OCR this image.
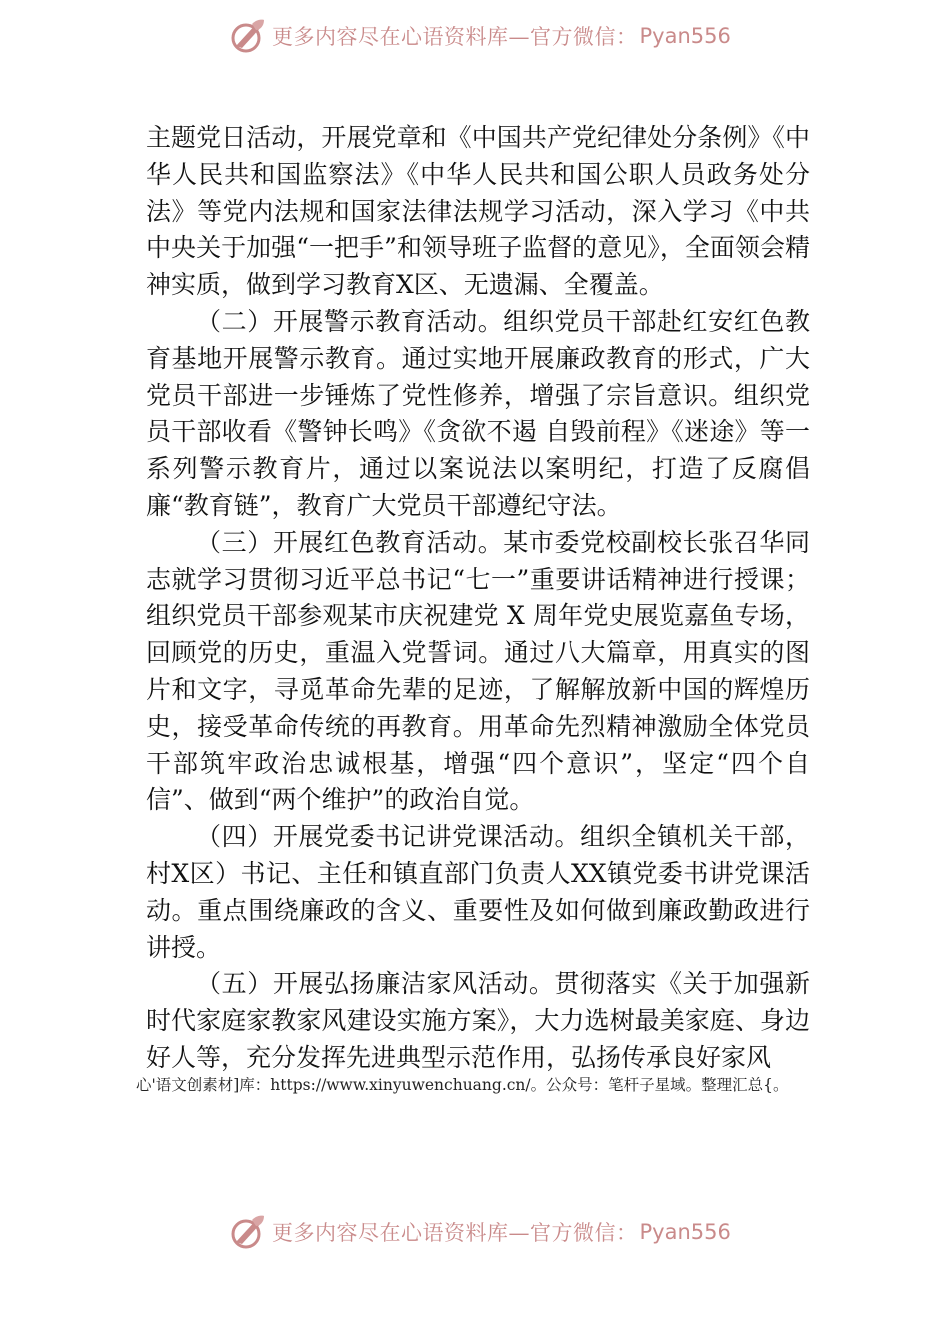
更多内容尽在心语资料库—官方微信： Pyan556

主题党日活动，开展党章和《中国共产党纪律处分条例》《中华人民共和国监察法》《中华人民共和国公职人员政务处分法》等党内法规和国家法律法规学习活动，深入学习《中共中央关于加强“一把手”和领导班子监督的意见》，全面领会精神实质，做到学习教育X区、无遗漏、全覆盖。

（二）开展警示教育活动。组织党员干部赴红安红色教育基地开展警示教育。通过实地开展廉政教育的形式，广大党员干部进一步锤炼了党性修养，增强了宗旨意识。组织党员干部收看《警钟长鸣》《贪欲不遏 自毁前程》《迷途》等一系列警示教育片，通过以案说法以案明纪，打造了反腐倡廉“教育链”，教育广大党员干部遵纪守法。

（三）开展红色教育活动。某市委党校副校长张召华同志就学习贯彻习近平总书记“七一”重要讲话精神进行授课；组织党员干部参观某市庆祝建党 X 周年党史展览嘉鱼专场，回顾党的历史，重温入党誓词。通过八大篇章，用真实的图片和文字，寻觅革命先辈的足迹，了解解放新中国的辉煌历史，接受革命传统的再教育。用革命先烈精神激励全体党员干部筑牢政治忠诚根基，增强“四个意识”，坚定“四个自信”、做到“两个维护”的政治自觉。

（四）开展党委书记讲党课活动。组织全镇机关干部，村X区）书记、主任和镇直部门负责人XX镇党委书讲党课活动。重点围绕廉政的含义、重要性及如何做到廉政勤政进行讲授。

（五）开展弘扬廉洁家风活动。贯彻落实《关于加强新时代家庭家教家风建设实施方案》，大力选树最美家庭、身边好人等，充分发挥先进典型示范作用，弘扬传承良好家风

心'语文创素材]库：https://www.xinyuwenchuang.cn/。公众号：笔杆子星域。整理汇总{。
更多内容尽在心语资料库—官方微信： Pyan556
